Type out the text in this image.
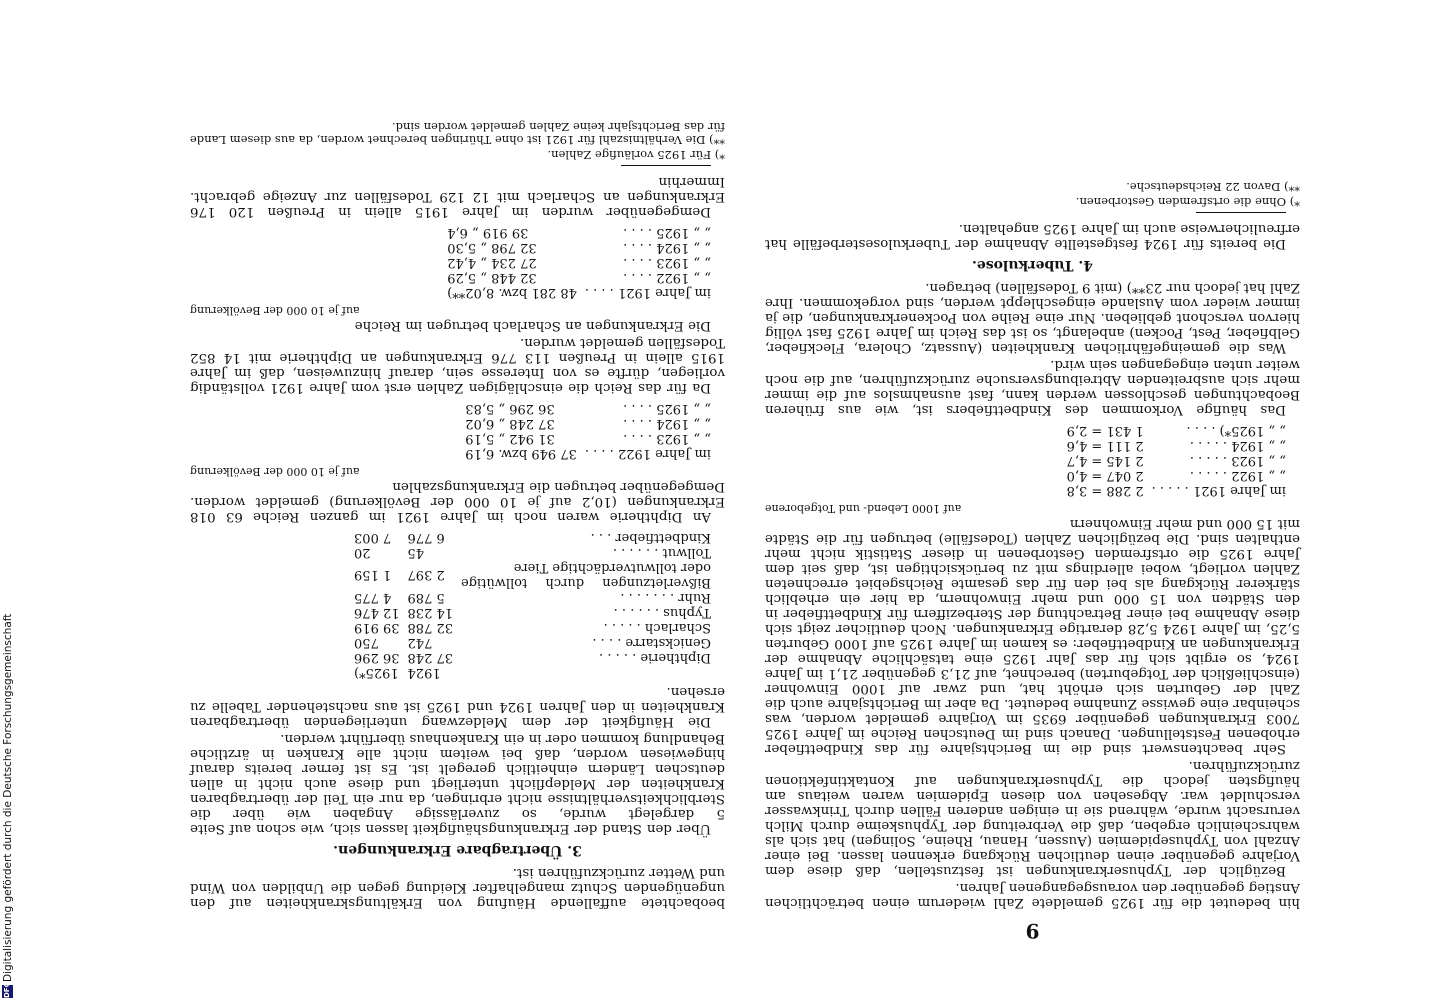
beobachtete auffallende Häufung von Erkältungskrankheiten auf den ungenügenden Schutz mangelhafter Kleidung gegen die Unbilden von Wind und Wetter zurückzuführen ist.

3. Übertragbare Erkrankungen.

Über den Stand der Erkrankungshäufigkeit lassen sich, wie schon auf Seite 5 dargelegt wurde, so zuverlässige Angaben wie über die Sterblichkeitsverhältnisse nicht erbringen, da nur ein Teil der übertragbaren Krankheiten der Meldepflicht unterliegt und diese auch nicht in allen deutschen Ländern einheitlich geregelt ist. Es ist ferner bereits darauf hingewiesen worden, daß bei weitem nicht alle Kranken in ärztliche Behandlung kommen oder in ein Krankenhaus überführt werden.

Die Häufigkeit der dem Meldezwang unterliegenden übertragbaren Krankheiten in den Jahren 1924 und 1925 ist aus nachstehender Tabelle zu ersehen.

	1924	1925*)
Diphtherie . . . . .	37 248	36 296
Genickstarre . . . .	742	750
Scharlach . . . . .	32 788	39 919
Typhus . . . . . .	14 238	12 476
Ruhr . . . . . . .	5 789	4 775
Bißverletzungen durch tollwütige oder tollwutverdächtige Tiere	2 397	1 159
Tollwut . . . . . .	45	20
Kindbettfieber . . .	6 776	7 003

An Diphtherie waren noch im Jahre 1921 im ganzen Reiche 63 018 Erkrankungen (10,2 auf je 10 000 der Bevölkerung) gemeldet worden. Demgegenüber betrugen die Erkrankungszahlen

auf je 10 000 der Bevölkerung
im Jahre 1922 . . . .	37 949 bzw. 6,19
„ „ 1923 . . . .	31 942 „ 5,19
„ „ 1924 . . . .	37 248 „ 6,02
„ „ 1925 . . . .	36 296 „ 5,83

Da für das Reich die einschlägigen Zahlen erst vom Jahre 1921 vollständig vorliegen, dürfte es von Interesse sein, darauf hinzuweisen, daß im Jahre 1915 allein in Preußen 113 776 Erkrankungen an Diphtherie mit 14 852 Todesfällen gemeldet wurden.

Die Erkrankungen an Scharlach betrugen im Reiche

auf je 10 000 der Bevölkerung
im Jahre 1921 . . . .	48 281 bzw. 8,02**)
„ „ 1922 . . . .	32 448 „ 5,29
„ „ 1923 . . . .	27 234 „ 4,42
„ „ 1924 . . . .	32 798 „ 5,30
„ „ 1925 . . . .	39 919 „ 6,4

Demgegenüber wurden im Jahre 1915 allein in Preußen 120 176 Erkrankungen an Scharlach mit 12 129 Todesfällen zur Anzeige gebracht. Immerhin

*) Für 1925 vorläufige Zahlen.

**) Die Verhältniszahl für 1921 ist ohne Thüringen berechnet worden, da aus diesem Lande für das Berichtsjahr keine Zahlen gemeldet worden sind.

9

hin bedeutet die für 1925 gemeldete Zahl wiederum einen beträchtlichen Anstieg gegenüber den vorausgegangenen Jahren.

Bezüglich der Typhuserkrankungen ist festzustellen, daß diese dem Vorjahre gegenüber einen deutlichen Rückgang erkennen lassen. Bei einer Anzahl von Typhusepidemien (Aussen, Hanau, Rheine, Solingen) hat sich als wahrscheinlich ergeben, daß die Verbreitung der Typhuskeime durch Milch verursacht wurde, während sie in einigen anderen Fällen durch Trinkwasser verschuldet war. Abgesehen von diesen Epidemien waren weitaus am häufigsten jedoch die Typhuserkrankungen auf Kontaktinfektionen zurückzuführen.

Sehr beachtenswert sind die im Berichtsjahre für das Kindbettfieber erhobenen Feststellungen. Danach sind im Deutschen Reiche im Jahre 1925 7003 Erkrankungen gegenüber 6935 im Vorjahre gemeldet worden, was scheinbar eine gewisse Zunahme bedeutet. Da aber im Berichtsjahre auch die Zahl der Geburten sich erhöht hat, und zwar auf 1000 Einwohner (einschließlich der Totgeburten) berechnet, auf 21,3 gegenüber 21,1 im Jahre 1924, so ergibt sich für das Jahr 1925 eine tatsächliche Abnahme der Erkrankungen an Kindbettfieber: es kamen im Jahre 1925 auf 1000 Geburten 5,25, im Jahre 1924 5,28 derartige Erkrankungen. Noch deutlicher zeigt sich diese Abnahme bei einer Betrachtung der Sterbeziffern für Kindbettfieber in den Städten von 15 000 und mehr Einwohnern, da hier ein erheblich stärkerer Rückgang als bei den für das gesamte Reichsgebiet errechneten Zahlen vorliegt, wobei allerdings mit zu berücksichtigen ist, daß seit dem Jahre 1925 die ortsfremden Gestorbenen in dieser Statistik nicht mehr enthalten sind. Die bezüglichen Zahlen (Todesfälle) betrugen für die Städte mit 15 000 und mehr Einwohnern

auf 1000 Lebend- und Totgeborene
im Jahre 1921 . . . . .	2 288 = 3,8
„ „ 1922 . . . . .	2 047 = 4,0
„ „ 1923 . . . . .	2 145 = 4,7
„ „ 1924 . . . . .	2 111 = 4,6
„ „ 1925*) . . . .	1 431 = 2,9

Das häufige Vorkommen des Kindbettfiebers ist, wie aus früheren Beobachtungen geschlossen werden kann, fast ausnahmslos auf die immer mehr sich ausbreitenden Abtreibungsversuche zurückzuführen, auf die noch weiter unten eingegangen sein wird.

Was die gemeingefährlichen Krankheiten (Aussatz, Cholera, Fleckfieber, Gelbfieber, Pest, Pocken) anbelangt, so ist das Reich im Jahre 1925 fast völlig hiervon verschont geblieben. Nur eine Reihe von Pockenerkrankungen, die ja immer wieder vom Auslande eingeschleppt werden, sind vorgekommen. Ihre Zahl hat jedoch nur 23**) (mit 9 Todesfällen) betragen.

4. Tuberkulose.

Die bereits für 1924 festgestellte Abnahme der Tuberkulosesterbefälle hat erfreulicherweise auch im Jahre 1925 angehalten.

*) Ohne die ortsfremden Gestorbenen.

**) Davon 22 Reichsdeutsche.

DFG
Digitalisierung gefördert durch die Deutsche Forschungsgemeinschaft
